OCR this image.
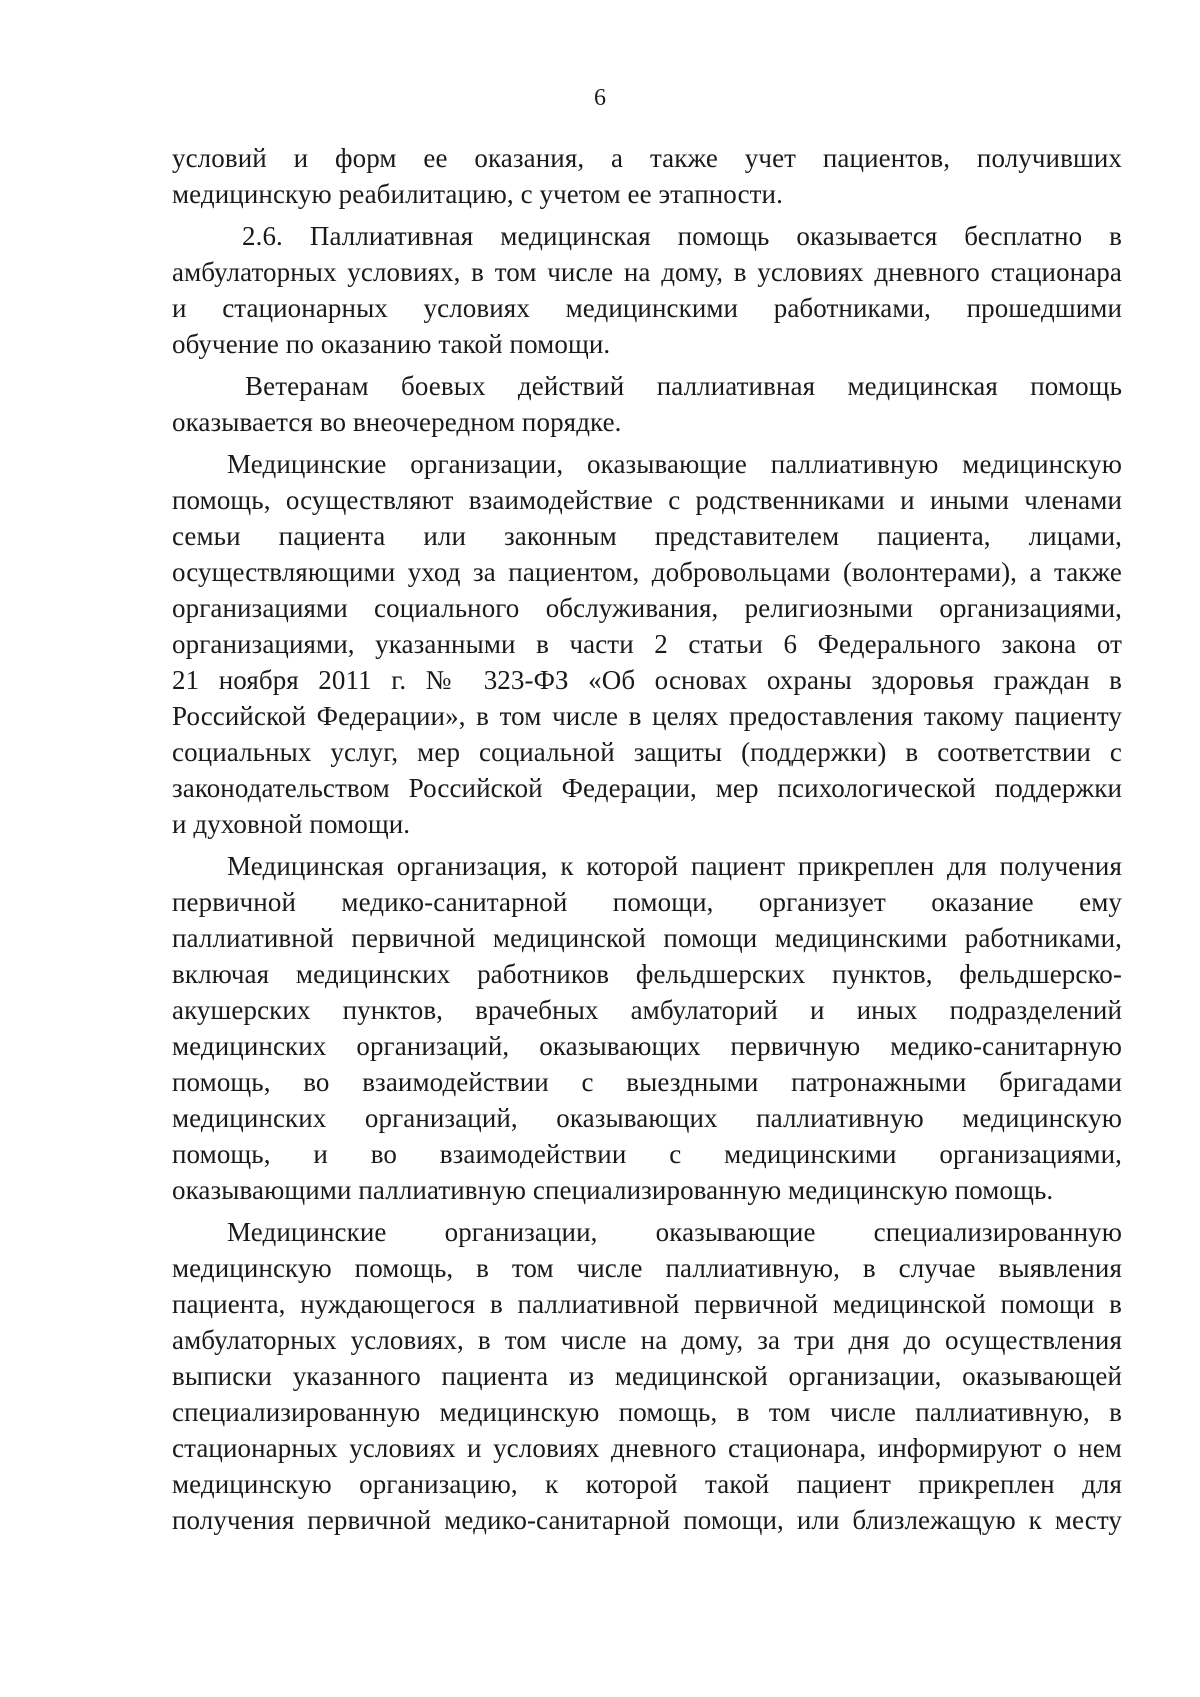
6
условий и форм ее оказания, а также учет пациентов, получивших
медицинскую реабилитацию, с учетом ее этапности.
2.6. Паллиативная медицинская помощь оказывается бесплатно в
амбулаторных условиях, в том числе на дому, в условиях дневного стационара
и стационарных условиях медицинскими работниками, прошедшими
обучение по оказанию такой помощи.
Ветеранам боевых действий паллиативная медицинская помощь
оказывается во внеочередном порядке.
Медицинские организации, оказывающие паллиативную медицинскую
помощь, осуществляют взаимодействие с родственниками и иными членами
семьи пациента или законным представителем пациента, лицами,
осуществляющими уход за пациентом, добровольцами (волонтерами), а также
организациями социального обслуживания, религиозными организациями,
организациями, указанными в части 2 статьи 6 Федерального закона от
21 ноября 2011 г. № 323-ФЗ «Об основах охраны здоровья граждан в
Российской Федерации», в том числе в целях предоставления такому пациенту
социальных услуг, мер социальной защиты (поддержки) в соответствии с
законодательством Российской Федерации, мер психологической поддержки
и духовной помощи.
Медицинская организация, к которой пациент прикреплен для получения
первичной медико-санитарной помощи, организует оказание ему
паллиативной первичной медицинской помощи медицинскими работниками,
включая медицинских работников фельдшерских пунктов, фельдшерско-
акушерских пунктов, врачебных амбулаторий и иных подразделений
медицинских организаций, оказывающих первичную медико-санитарную
помощь, во взаимодействии с выездными патронажными бригадами
медицинских организаций, оказывающих паллиативную медицинскую
помощь, и во взаимодействии с медицинскими организациями,
оказывающими паллиативную специализированную медицинскую помощь.
Медицинские организации, оказывающие специализированную
медицинскую помощь, в том числе паллиативную, в случае выявления
пациента, нуждающегося в паллиативной первичной медицинской помощи в
амбулаторных условиях, в том числе на дому, за три дня до осуществления
выписки указанного пациента из медицинской организации, оказывающей
специализированную медицинскую помощь, в том числе паллиативную, в
стационарных условиях и условиях дневного стационара, информируют о нем
медицинскую организацию, к которой такой пациент прикреплен для
получения первичной медико-санитарной помощи, или близлежащую к месту
